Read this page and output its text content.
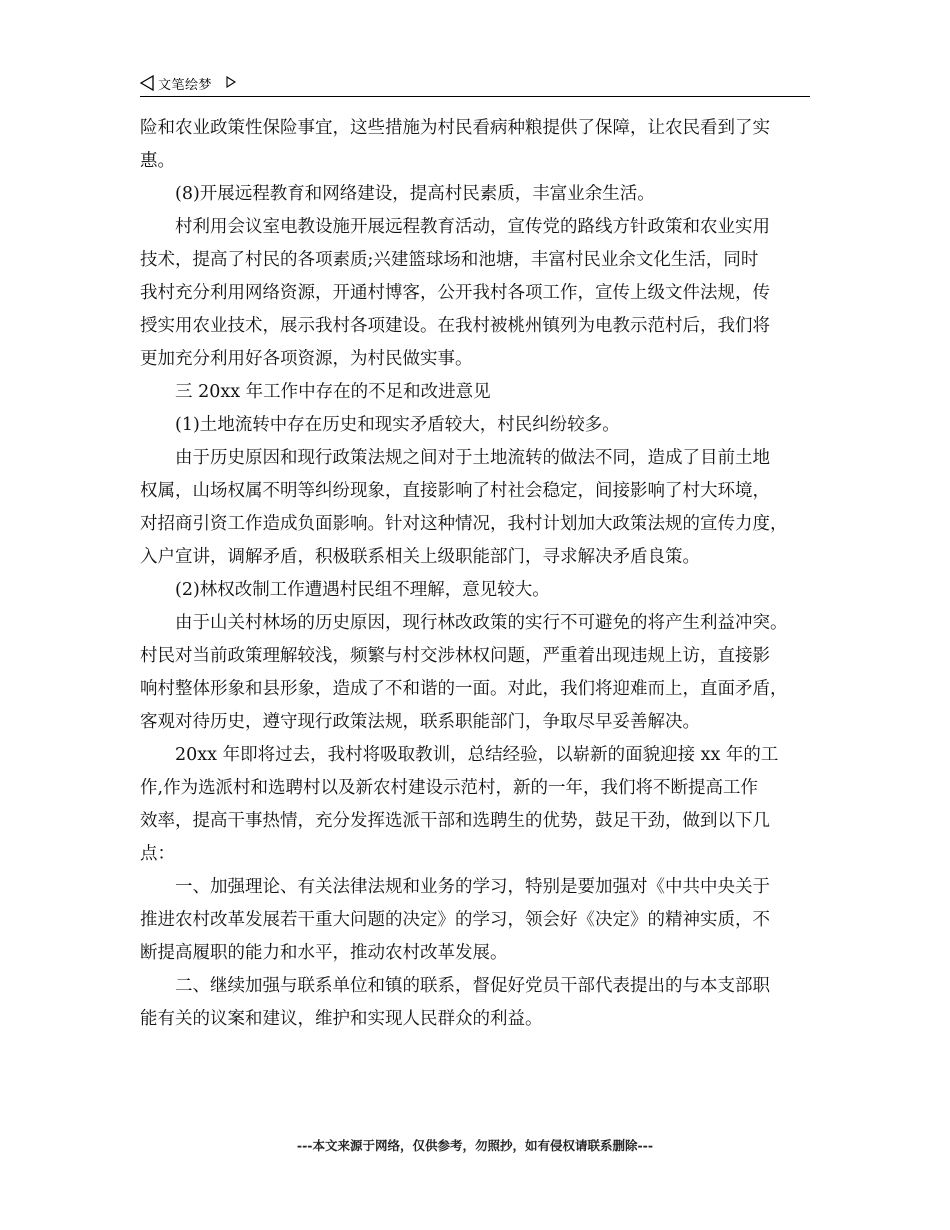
文笔绘梦
险和农业政策性保险事宜，这些措施为村民看病种粮提供了保障，让农民看到了实
惠。
(8)开展远程教育和网络建设，提高村民素质，丰富业余生活。
村利用会议室电教设施开展远程教育活动，宣传党的路线方针政策和农业实用
技术，提高了村民的各项素质;兴建篮球场和池塘，丰富村民业余文化生活，同时
我村充分利用网络资源，开通村博客，公开我村各项工作，宣传上级文件法规，传
授实用农业技术，展示我村各项建设。在我村被桃州镇列为电教示范村后，我们将
更加充分利用好各项资源，为村民做实事。
三 20xx 年工作中存在的不足和改进意见
(1)土地流转中存在历史和现实矛盾较大，村民纠纷较多。
由于历史原因和现行政策法规之间对于土地流转的做法不同，造成了目前土地
权属，山场权属不明等纠纷现象，直接影响了村社会稳定，间接影响了村大环境，
对招商引资工作造成负面影响。针对这种情况，我村计划加大政策法规的宣传力度，
入户宣讲，调解矛盾，积极联系相关上级职能部门，寻求解决矛盾良策。
(2)林权改制工作遭遇村民组不理解，意见较大。
由于山关村林场的历史原因，现行林改政策的实行不可避免的将产生利益冲突。
村民对当前政策理解较浅，频繁与村交涉林权问题，严重着出现违规上访，直接影
响村整体形象和县形象，造成了不和谐的一面。对此，我们将迎难而上，直面矛盾，
客观对待历史，遵守现行政策法规，联系职能部门，争取尽早妥善解决。
20xx 年即将过去，我村将吸取教训，总结经验，以崭新的面貌迎接 xx 年的工
作,作为选派村和选聘村以及新农村建设示范村，新的一年，我们将不断提高工作
效率，提高干事热情，充分发挥选派干部和选聘生的优势，鼓足干劲，做到以下几
点：
一、加强理论、有关法律法规和业务的学习，特别是要加强对《中共中央关于
推进农村改革发展若干重大问题的决定》的学习，领会好《决定》的精神实质，不
断提高履职的能力和水平，推动农村改革发展。
二、继续加强与联系单位和镇的联系，督促好党员干部代表提出的与本支部职
能有关的议案和建议，维护和实现人民群众的利益。
---本文来源于网络，仅供参考，勿照抄，如有侵权请联系删除---
